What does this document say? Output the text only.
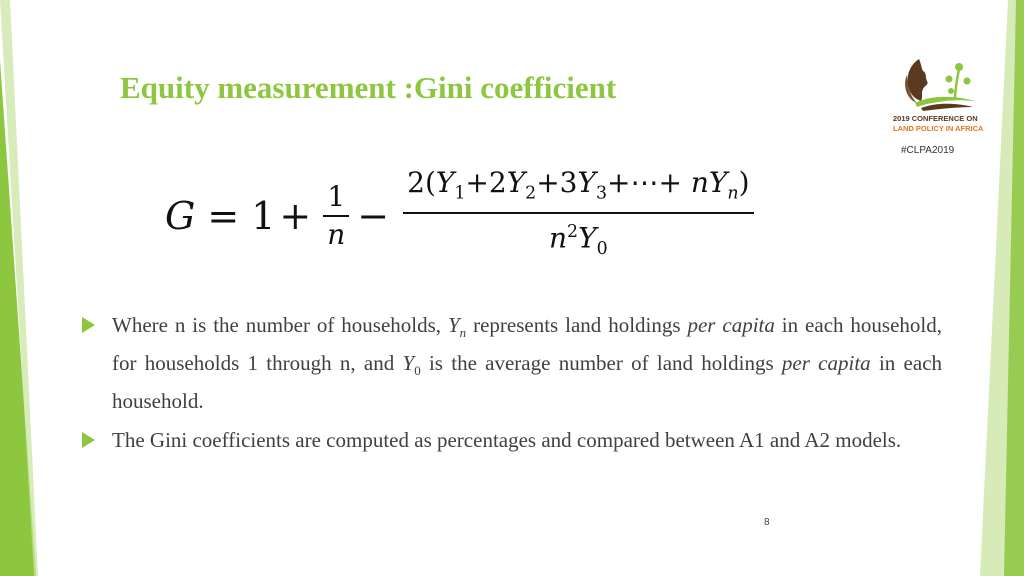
Equity measurement :Gini coefficient
2019 CONFERENCE ON
LAND POLICY IN AFRICA
#CLPA2019
$G = 1 + \frac{1}{n} - \frac{2(Y_1+2Y_2+3Y_3+\cdots+ nY_n)}{n^2Y_0}$
Where n is the number of households, $Y_n$ represents land holdings per capita in each household, for households 1 through n, and $Y_0$ is the average number of land holdings per capita in each household.
The Gini coefficients are computed as percentages and compared between A1 and A2 models.
8
